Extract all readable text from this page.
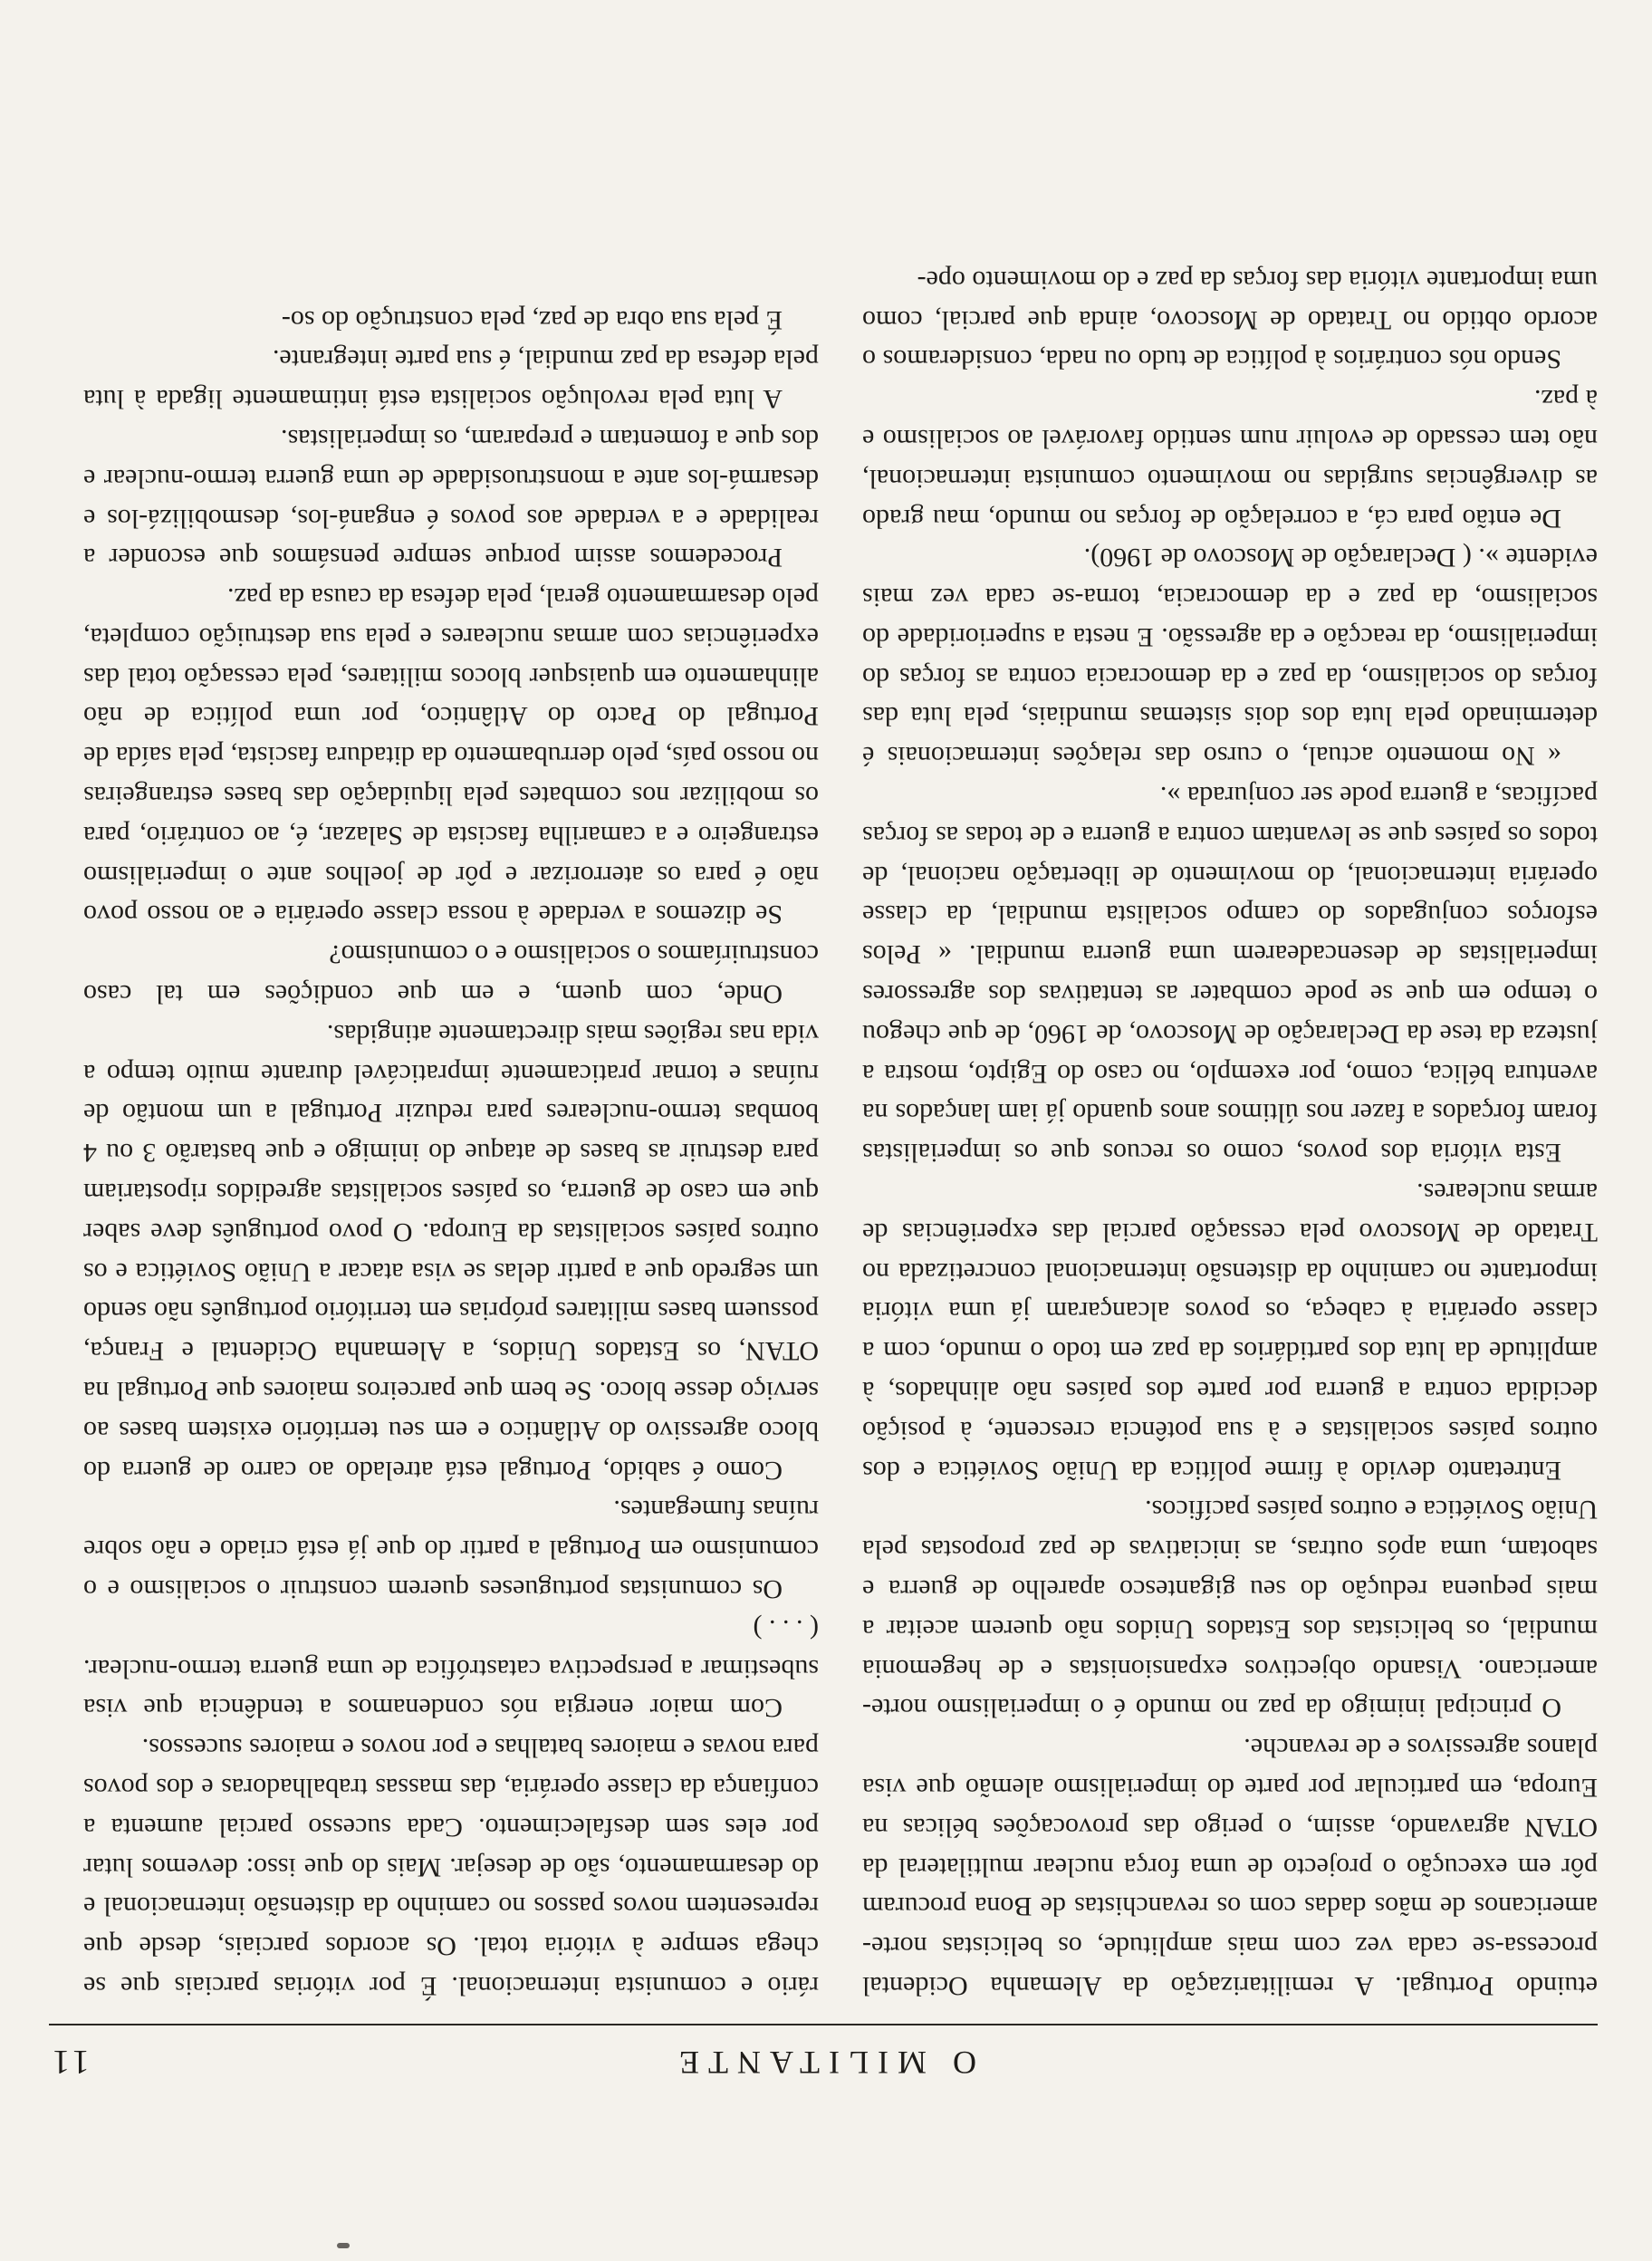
O MILITANTE
11

etuindo Portugal. A remilitarização da Alemanha Ocidental processa-se cada vez com mais amplitude, os belicistas norte-americanos de mãos dadas com os revanchistas de Bona procuram pôr em execução o projecto de uma força nuclear multilateral da OTAN agravando, assim, o perigo das provocações bélicas na Europa, em particular por parte do imperialismo alemão que visa planos agressivos e de revanche.

O principal inimigo da paz no mundo é o imperialismo norte-americano. Visando objectivos expansionistas e de hegemonia mundial, os belicistas dos Estados Unidos não querem aceitar a mais pequena redução do seu gigantesco aparelho de guerra e sabotam, uma após outras, as iniciativas de paz propostas pela União Soviética e outros países pacíficos.

Entretanto devido à firme política da União Soviética e dos outros países socialistas e à sua potência crescente, à posição decidida contra a guerra por parte dos países não alinhados, à amplitude da luta dos partidários da paz em todo o mundo, com a classe operária à cabeça, os povos alcançaram já uma vitória importante no caminho da distensão internacional concretizada no Tratado de Moscovo pela cessação parcial das experiências de armas nucleares.

Esta vitória dos povos, como os recuos que os imperialistas foram forçados a fazer nos últimos anos quando já iam lançados na aventura bélica, como, por exemplo, no caso do Egipto, mostra a justeza da tese da Declaração de Moscovo, de 1960, de que chegou o tempo em que se pode combater as tentativas dos agressores imperialistas de desencadearem uma guerra mundial. « Pelos esforços conjugados do campo socialista mundial, da classe operária internacional, do movimento de libertação nacional, de todos os países que se levantam contra a guerra e de todas as forças pacíficas, a guerra pode ser conjurada ».

« No momento actual, o curso das relações internacionais é determinado pela luta dos dois sistemas mundiais, pela luta das forças do socialismo, da paz e da democracia contra as forças do imperialismo, da reacção e da agressão. E nesta a superioridade do socialismo, da paz e da democracia, torna-se cada vez mais evidente ». ( Declaração de Moscovo de 1960).

De então para cá, a correlação de forças no mundo, mau grado as divergências surgidas no movimento comunista internacional, não tem cessado de evoluir num sentido favorável ao socialismo e à paz.

Sendo nós contrários à política de tudo ou nada, consideramos o acordo obtido no Tratado de Moscovo, ainda que parcial, como uma importante vitória das forças da paz e do movimento ope-

rário e comunista internacional. É por vitórias parciais que se chega sempre à vitória total. Os acordos parciais, desde que representem novos passos no caminho da distensão internacional e do desarmamento, são de desejar. Mais do que isso: devemos lutar por eles sem desfalecimento. Cada sucesso parcial aumenta a confiança da classe operária, das massas trabalhadoras e dos povos para novas e maiores batalhas e por novos e maiores sucessos.

Com maior energia nós condenamos a tendência que visa subestimar a perspectiva catastrófica de uma guerra termo-nuclear. ( . . . )

Os comunistas portugueses querem construir o socialismo e o comunismo em Portugal a partir do que já está criado e não sobre ruínas fumegantes.

Como é sabido, Portugal está atrelado ao carro de guerra do bloco agressivo do Atlântico e em seu território existem bases ao serviço desse bloco. Se bem que parceiros maiores que Portugal na OTAN, os Estados Unidos, a Alemanha Ocidental e França, possuem bases militares próprias em território português não sendo um segredo que a partir delas se visa atacar a União Soviética e os outros países socialistas da Europa. O povo português deve saber que em caso de guerra, os países socialistas agredidos ripostariam para destruir as bases de ataque do inimigo e que bastarão 3 ou 4 bombas termo-nucleares para reduzir Portugal a um montão de ruínas e tornar praticamente impraticável durante muito tempo a vida nas regiões mais directamente atingidas.

Onde, com quem, e em que condições em tal caso construiríamos o socialismo e o comunismo?

Se dizemos a verdade à nossa classe operária e ao nosso povo não é para os aterrorizar e pôr de joelhos ante o imperialismo estrangeiro e a camarilha fascista de Salazar, é, ao contrário, para os mobilizar nos combates pela liquidação das bases estrangeiras no nosso país, pelo derrubamento da ditadura fascista, pela saída de Portugal do Pacto do Atlântico, por uma política de não alinhamento em quaisquer blocos militares, pela cessação total das experiências com armas nucleares e pela sua destruição completa, pelo desarmamento geral, pela defesa da causa da paz.

Procedemos assim porque sempre pensámos que esconder a realidade e a verdade aos povos é enganá-los, desmobilizá-los e desarmá-los ante a monstruosidade de uma guerra termo-nuclear e dos que a fomentam e preparam, os imperialistas.

A luta pela revolução socialista está intimamente ligada à luta pela defesa da paz mundial, é sua parte integrante.

É pela sua obra de paz, pela construção do so-
